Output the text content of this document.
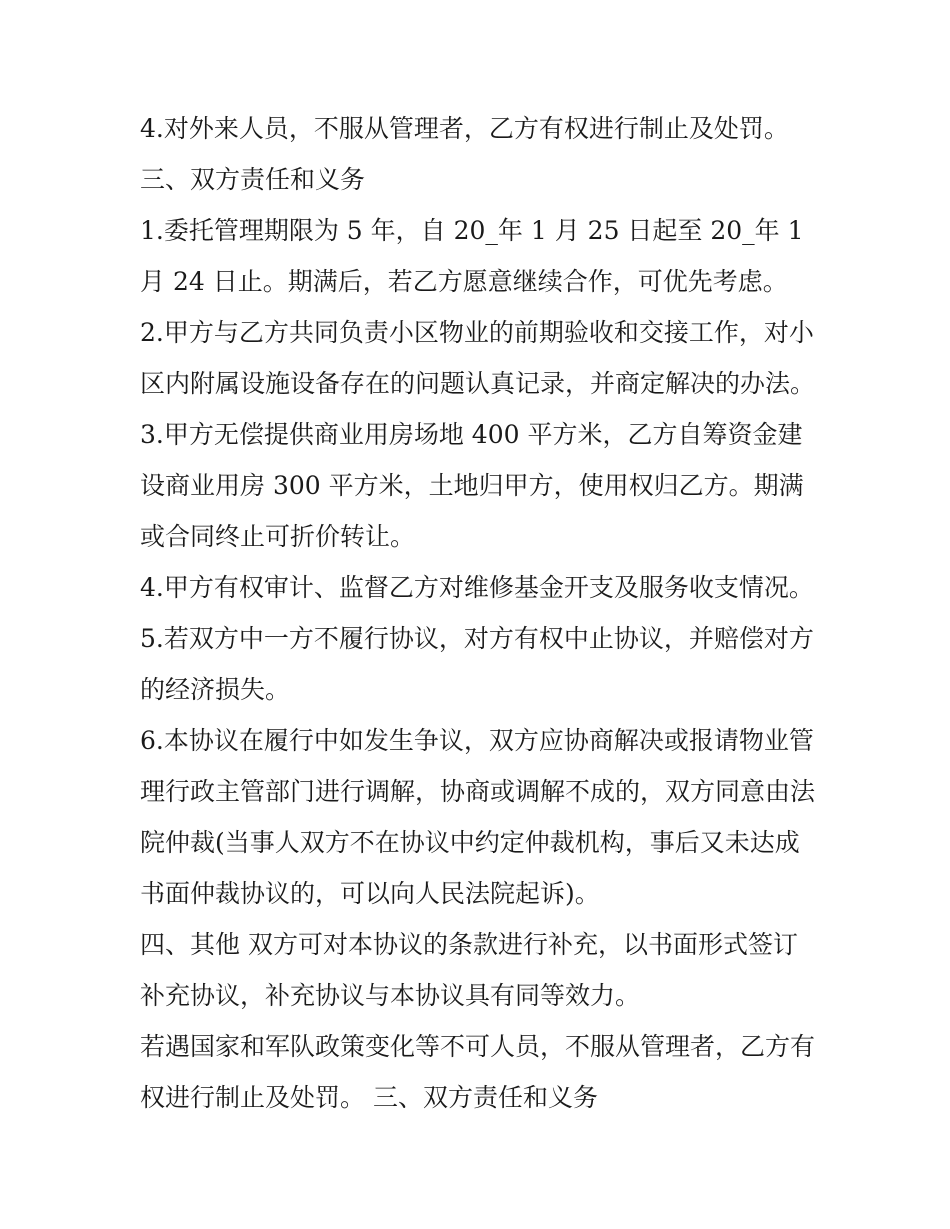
4.对外来人员，不服从管理者，乙方有权进行制止及处罚。

三、双方责任和义务

1.委托管理期限为 5 年，自 20_年 1 月 25 日起至 20_年 1 月 24 日止。期满后，若乙方愿意继续合作，可优先考虑。

2.甲方与乙方共同负责小区物业的前期验收和交接工作，对小区内附属设施设备存在的问题认真记录，并商定解决的办法。

3.甲方无偿提供商业用房场地 400 平方米，乙方自筹资金建设商业用房 300 平方米，土地归甲方，使用权归乙方。期满或合同终止可折价转让。

4.甲方有权审计、监督乙方对维修基金开支及服务收支情况。

5.若双方中一方不履行协议，对方有权中止协议，并赔偿对方的经济损失。

6.本协议在履行中如发生争议，双方应协商解决或报请物业管理行政主管部门进行调解，协商或调解不成的，双方同意由法院仲裁(当事人双方不在协议中约定仲裁机构，事后又未达成书面仲裁协议的，可以向人民法院起诉)。

四、其他 双方可对本协议的条款进行补充，以书面形式签订补充协议，补充协议与本协议具有同等效力。

若遇国家和军队政策变化等不可人员，不服从管理者，乙方有权进行制止及处罚。 三、双方责任和义务
